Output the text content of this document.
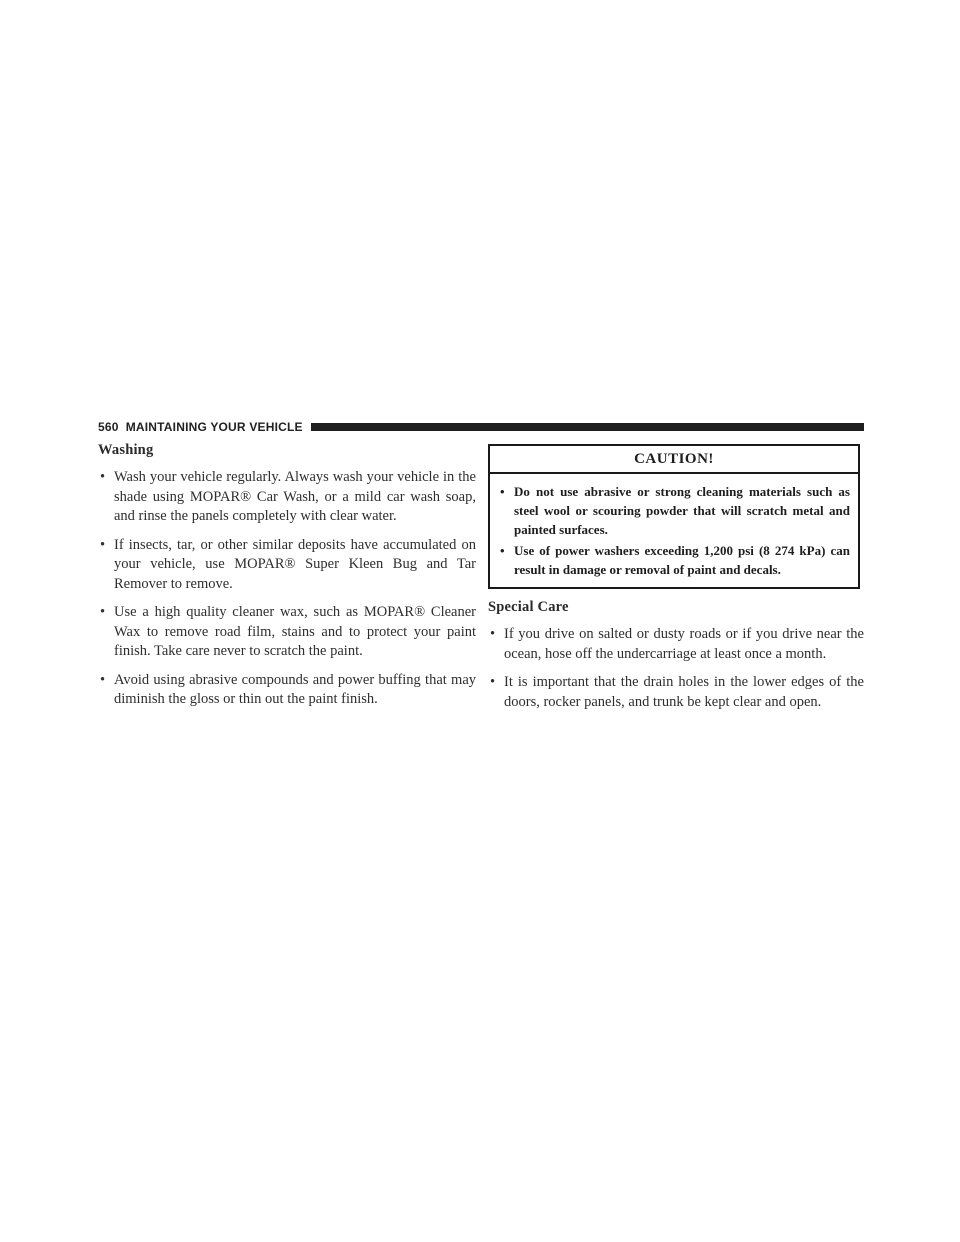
560 MAINTAINING YOUR VEHICLE
Washing
• Wash your vehicle regularly. Always wash your vehicle in the shade using MOPAR® Car Wash, or a mild car wash soap, and rinse the panels completely with clear water.
• If insects, tar, or other similar deposits have accumulated on your vehicle, use MOPAR® Super Kleen Bug and Tar Remover to remove.
• Use a high quality cleaner wax, such as MOPAR® Cleaner Wax to remove road film, stains and to protect your paint finish. Take care never to scratch the paint.
• Avoid using abrasive compounds and power buffing that may diminish the gloss or thin out the paint finish.
CAUTION!
• Do not use abrasive or strong cleaning materials such as steel wool or scouring powder that will scratch metal and painted surfaces.
• Use of power washers exceeding 1,200 psi (8 274 kPa) can result in damage or removal of paint and decals.
Special Care
• If you drive on salted or dusty roads or if you drive near the ocean, hose off the undercarriage at least once a month.
• It is important that the drain holes in the lower edges of the doors, rocker panels, and trunk be kept clear and open.
